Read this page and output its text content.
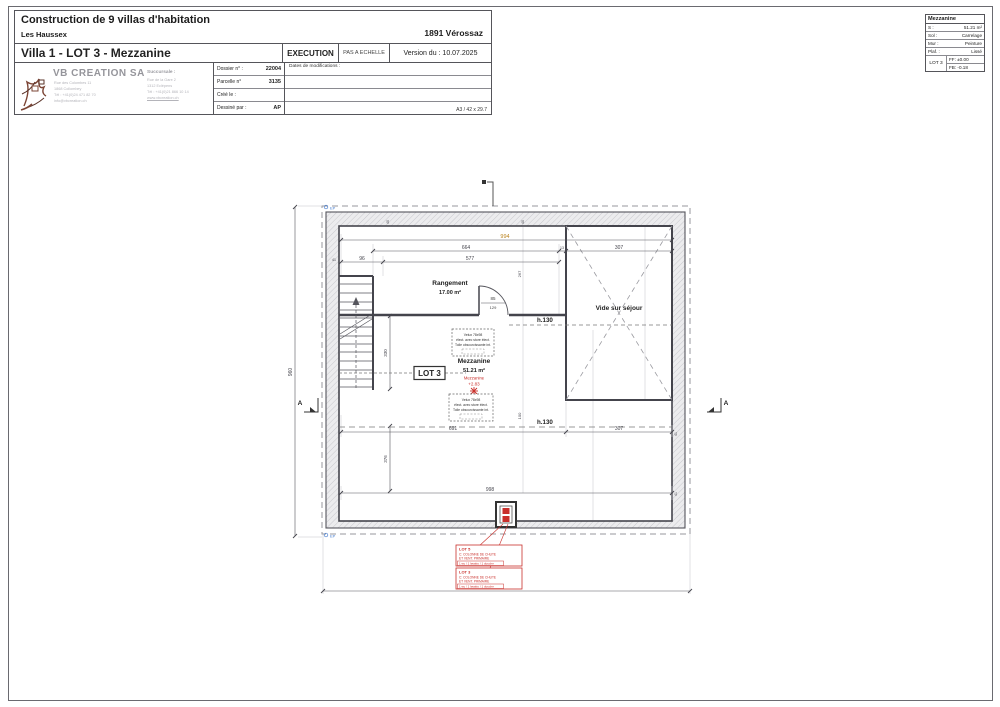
Construction de 9 villas d'habitation
Les Haussex	1891 Vérossaz
Villa 1 - LOT 3 - Mezzanine	EXECUTION	PAS A ECHELLE	Version du : 10.07.2025
VB CREATION SA
Rue des Colombes 11
1868 Collombey
Tél : +41(0)24 471 82 70
info@vbcreation.ch
Succursale :
Rue de la Gare 2
1312 Eclépens
Tél : +41(0)21 866 10 14
www.vbcreation.ch
Dossier n° :	22004
Parcelle n°	3135
Créé le :
Dessiné par :	AP
Dates de modifications :
A3 / 42 x 29.7
Mezzanine
S :	51.21 m²
Sol :	Carrelage
Mur :	Peinture
Plaf. :	Lissé
LOT 3
FF: ±0.00
FB: -0.18
Vide sur séjour
85
129
994
664	13	307
96	577
40	40
41
960
330
267
100
691	307
376
998
41
41
Rangement
17.00 m²
Mezzanine
51.21 m²
Mezzanine
+2.83
LOT 3
h.130
h.130
Velux 78x98
élect. avec store élect.
Toile obscurcissante int.
Velux 78x98
élect. avec store élect.
Toile obscurcissante int.
LOT 5
C: COLONNE DE CHUTE
ET VENT. PRIMAIRE
1 wc / 1 lavabo / 1 douche
LOT 3
C: COLONNE DE CHUTE
ET VENT. PRIMAIRE
1 wc / 1 lavabo / 1 douche
A	A
EP
EP
